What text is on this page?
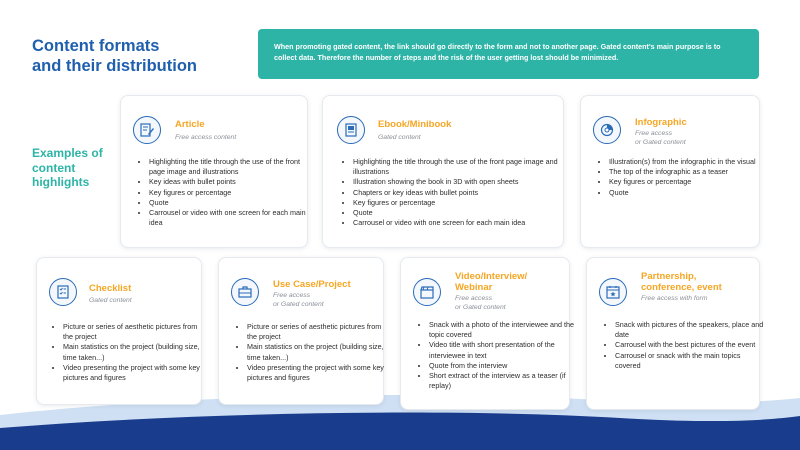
Content formats
and their distribution
When promoting gated content, the link should go directly to the form and not to another page. Gated content's main purpose is to collect data. Therefore the number of steps and the risk of the user getting lost should be minimized.
Examples of
content
highlights
Article
Free access content
• Highlighting the title through the use of the front page image and illustrations
• Key ideas with bullet points
• Key figures or percentage
• Quote
• Carrousel or video with one screen for each main idea
Ebook/Minibook
Gated content
• Highlighting the title through the use of the front page image and illustrations
• Illustration showing the book in 3D with open sheets
• Chapters or key ideas with bullet points
• Key figures or percentage
• Quote
• Carrousel or video with one screen for each main idea
Infographic
Free access
or Gated content
• Illustration(s) from the infographic in the visual
• The top of the infographic as a teaser
• Key figures or percentage
• Quote
Checklist
Gated content
• Picture or series of aesthetic pictures from the project
• Main statistics on the project (building size, time taken...)
• Video presenting the project with some key pictures and figures
Use Case/Project
Free access
or Gated content
• Picture or series of aesthetic pictures from the project
• Main statistics on the project (building size, time taken...)
• Video presenting the project with some key pictures and figures
Video/Interview/
Webinar
Free access
or Gated content
• Snack with a photo of the interviewee and the topic covered
• Video title with short presentation of the interviewee in text
• Quote from the interview
• Short extract of the interview as a teaser (if replay)
Partnership,
conference, event
Free access with form
• Snack with pictures of the speakers, place and date
• Carrousel with the best pictures of the event
• Carrousel or snack with the main topics covered
